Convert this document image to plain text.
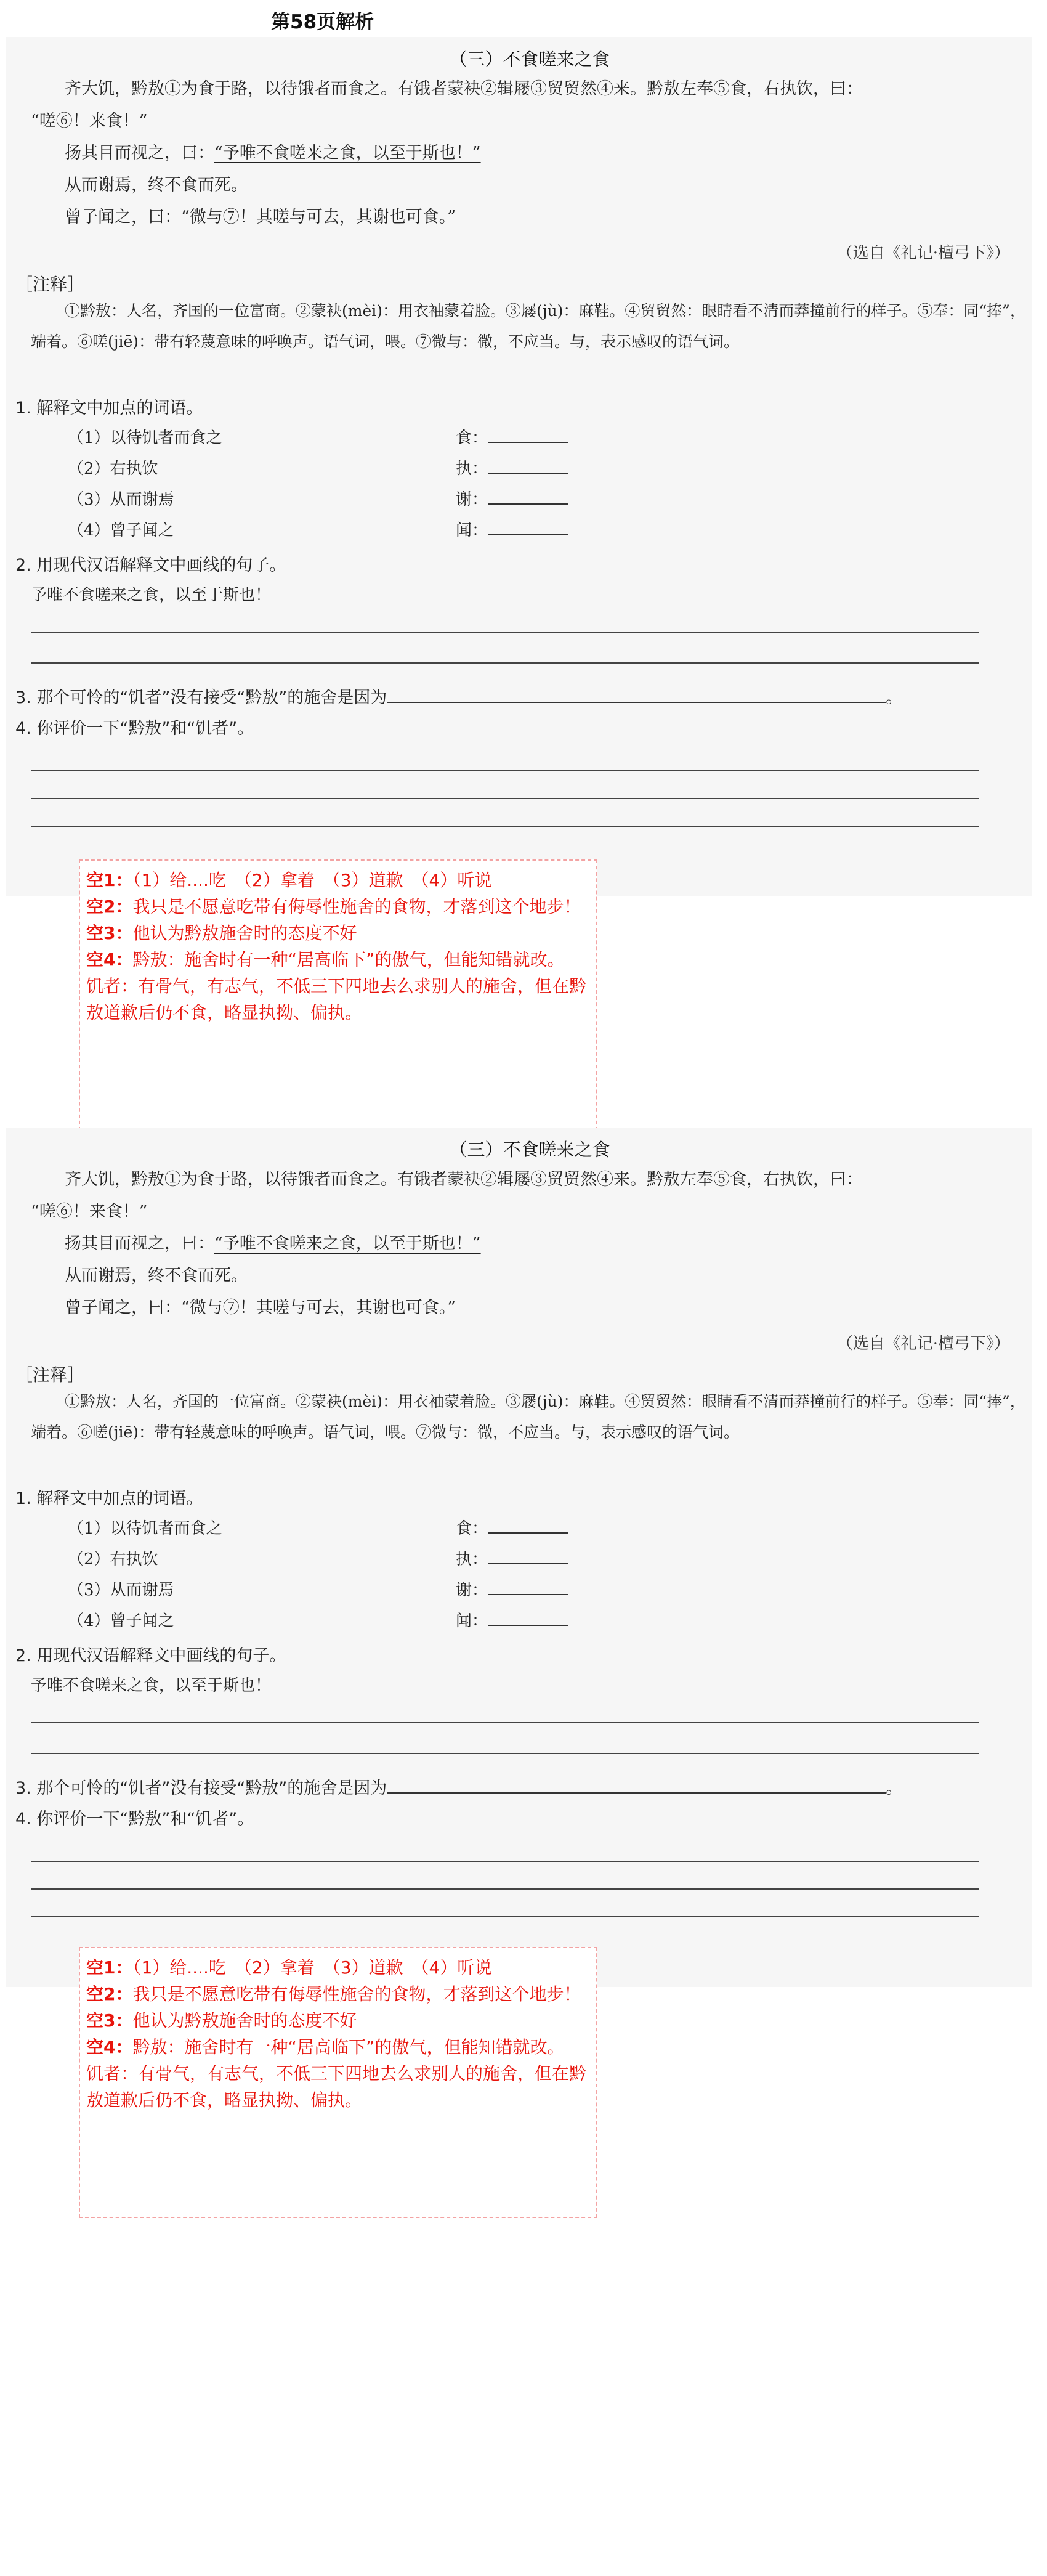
第58页解析
（三）不食嗟来之食
齐大饥，黔敖①为食于路，以待饿者而食之。有饿者蒙袂②辑屦③贸贸然④来。黔敖左奉⑤食，右执饮，曰：
“嗟⑥！来食！”
扬其目而视之，曰：“予唯不食嗟来之食，以至于斯也！”
从而谢焉，终不食而死。
曾子闻之，曰：“微与⑦！其嗟与可去，其谢也可食。”
（选自《礼记·檀弓下》）
［注释］
①黔敖：人名，齐国的一位富商。②蒙袂(mèi)：用衣袖蒙着脸。③屦(jù)：麻鞋。④贸贸然：眼睛看不清而莽撞前行的样子。⑤奉：同“捧”，端着。⑥嗟(jiē)：带有轻蔑意味的呼唤声。语气词，喂。⑦微与：微，不应当。与，表示感叹的语气词。
1. 解释文中加点的词语。
（1）以待饥者而食之	食：
（2）右执饮	执：
（3）从而谢焉	谢：
（4）曾子闻之	闻：
2. 用现代汉语解释文中画线的句子。
予唯不食嗟来之食，以至于斯也！
3. 那个可怜的“饥者”没有接受“黔敖”的施舍是因为	。
4. 你评价一下“黔敖”和“饥者”。

空1：（1）给....吃　（2）拿着　（3）道歉　（4）听说

空2：我只是不愿意吃带有侮辱性施舍的食物，才落到这个地步！

空3：他认为黔敖施舍时的态度不好

空4：黔敖：施舍时有一种“居高临下”的傲气，但能知错就改。

饥者：有骨气，有志气，不低三下四地去么求别人的施舍，但在黔敖道歉后仍不食，略显执拗、偏执。

（三）不食嗟来之食
齐大饥，黔敖①为食于路，以待饿者而食之。有饿者蒙袂②辑屦③贸贸然④来。黔敖左奉⑤食，右执饮，曰：
“嗟⑥！来食！”
扬其目而视之，曰：“予唯不食嗟来之食，以至于斯也！”
从而谢焉，终不食而死。
曾子闻之，曰：“微与⑦！其嗟与可去，其谢也可食。”
（选自《礼记·檀弓下》）
［注释］
①黔敖：人名，齐国的一位富商。②蒙袂(mèi)：用衣袖蒙着脸。③屦(jù)：麻鞋。④贸贸然：眼睛看不清而莽撞前行的样子。⑤奉：同“捧”，端着。⑥嗟(jiē)：带有轻蔑意味的呼唤声。语气词，喂。⑦微与：微，不应当。与，表示感叹的语气词。
1. 解释文中加点的词语。
（1）以待饥者而食之	食：
（2）右执饮	执：
（3）从而谢焉	谢：
（4）曾子闻之	闻：
2. 用现代汉语解释文中画线的句子。
予唯不食嗟来之食，以至于斯也！
3. 那个可怜的“饥者”没有接受“黔敖”的施舍是因为	。
4. 你评价一下“黔敖”和“饥者”。

空1：（1）给....吃　（2）拿着　（3）道歉　（4）听说

空2：我只是不愿意吃带有侮辱性施舍的食物，才落到这个地步！

空3：他认为黔敖施舍时的态度不好

空4：黔敖：施舍时有一种“居高临下”的傲气，但能知错就改。

饥者：有骨气，有志气，不低三下四地去么求别人的施舍，但在黔敖道歉后仍不食，略显执拗、偏执。
